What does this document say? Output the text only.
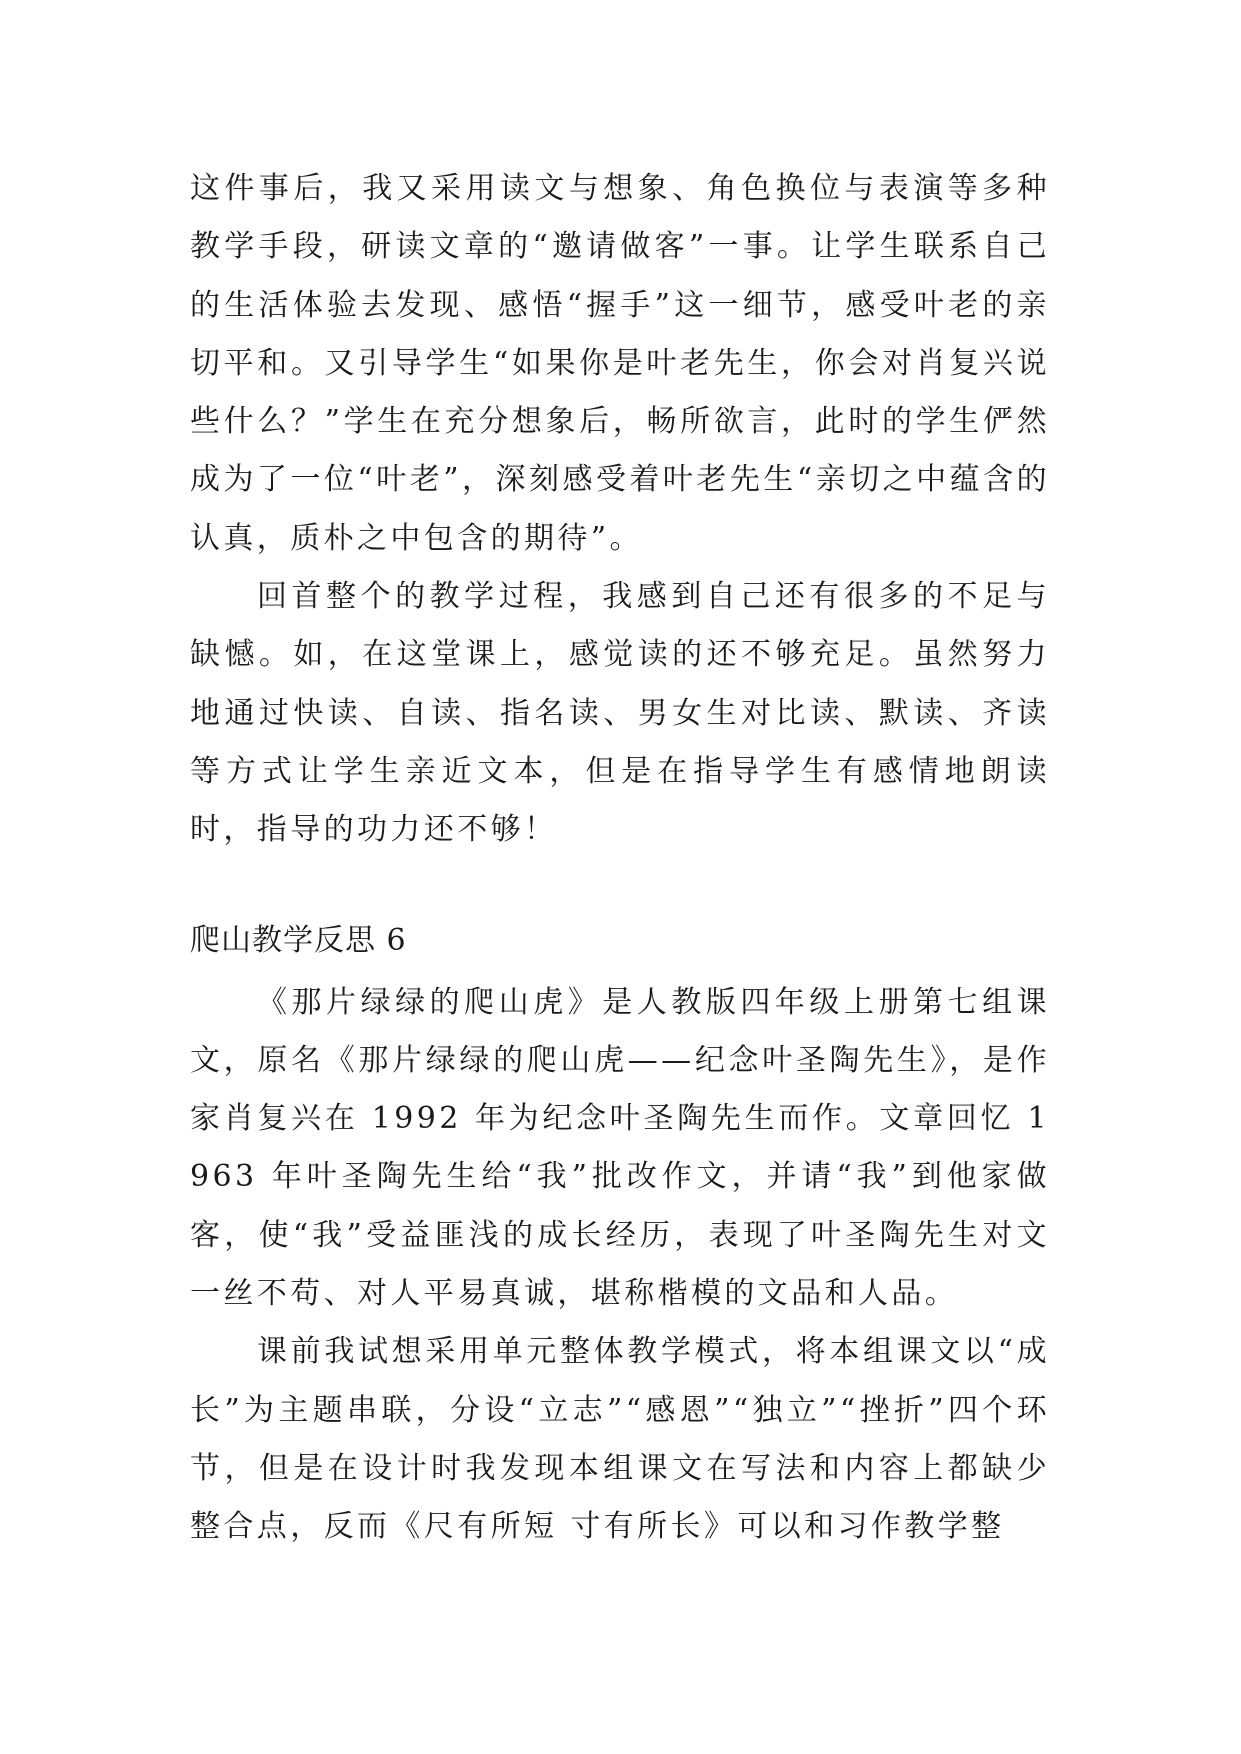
这件事后，我又采用读文与想象、角色换位与表演等多种教学手段，研读文章的“邀请做客”一事。让学生联系自己的生活体验去发现、感悟“握手”这一细节，感受叶老的亲切平和。又引导学生“如果你是叶老先生，你会对肖复兴说些什么？”学生在充分想象后，畅所欲言，此时的学生俨然成为了一位“叶老”，深刻感受着叶老先生“亲切之中蕴含的认真，质朴之中包含的期待”。

回首整个的教学过程，我感到自己还有很多的不足与缺憾。如，在这堂课上，感觉读的还不够充足。虽然努力地通过快读、自读、指名读、男女生对比读、默读、齐读等方式让学生亲近文本，但是在指导学生有感情地朗读时，指导的功力还不够！

爬山教学反思 6

《那片绿绿的爬山虎》是人教版四年级上册第七组课文，原名《那片绿绿的爬山虎——纪念叶圣陶先生》，是作家肖复兴在 1992 年为纪念叶圣陶先生而作。文章回忆 1963 年叶圣陶先生给“我”批改作文，并请“我”到他家做客，使“我”受益匪浅的成长经历，表现了叶圣陶先生对文一丝不苟、对人平易真诚，堪称楷模的文品和人品。

课前我试想采用单元整体教学模式，将本组课文以“成长”为主题串联，分设“立志”“感恩”“独立”“挫折”四个环节，但是在设计时我发现本组课文在写法和内容上都缺少整合点，反而《尺有所短 寸有所长》可以和习作教学整
